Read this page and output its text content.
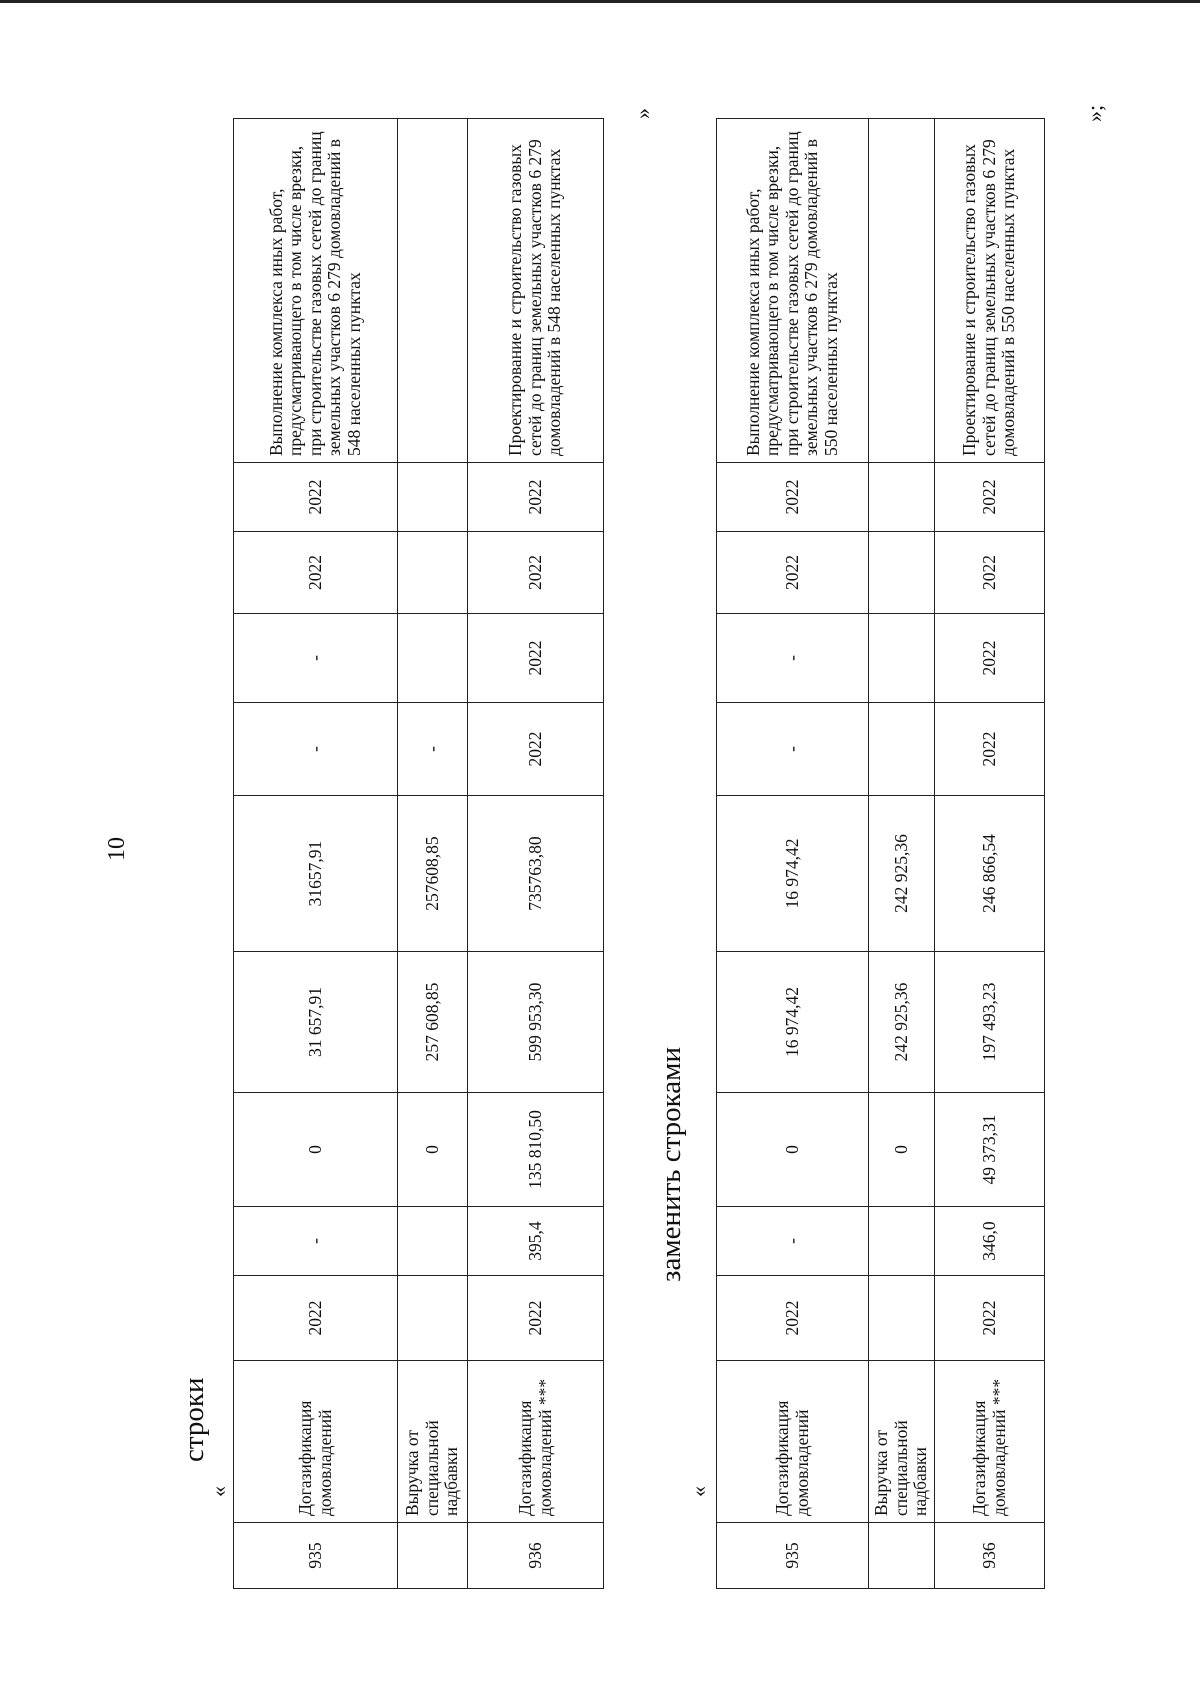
10
строки
«
935	Догазификация домовладений	2022	-	0	31 657,91	31657,91	-	-	2022	2022	Выполнение комплекса иных работ, предусматривающего в том числе врезки, при строительстве газовых сетей до границ земельных участков 6 279 домовладений в 548 населенных пунктах
	Выручка от специальной надбавки			0	257 608,85	257608,85	-				
936	Догазификация домовладений ***	2022	395,4	135 810,50	599 953,30	735763,80	2022	2022	2022	2022	Проектирование и строительство газовых сетей до границ земельных участков 6 279 домовладений в 548 населенных пунктах
»
заменить строками
«
935	Догазификация домовладений	2022	-	0	16 974,42	16 974,42	-	-	2022	2022	Выполнение комплекса иных работ, предусматривающего в том числе врезки, при строительстве газовых сетей до границ земельных участков 6 279 домовладений в 550 населенных пунктах
	Выручка от специальной надбавки			0	242 925,36	242 925,36					
936	Догазификация домовладений ***	2022	346,0	49 373,31	197 493,23	246 866,54	2022	2022	2022	2022	Проектирование и строительство газовых сетей до границ земельных участков 6 279 домовладений в 550 населенных пунктах
»;
